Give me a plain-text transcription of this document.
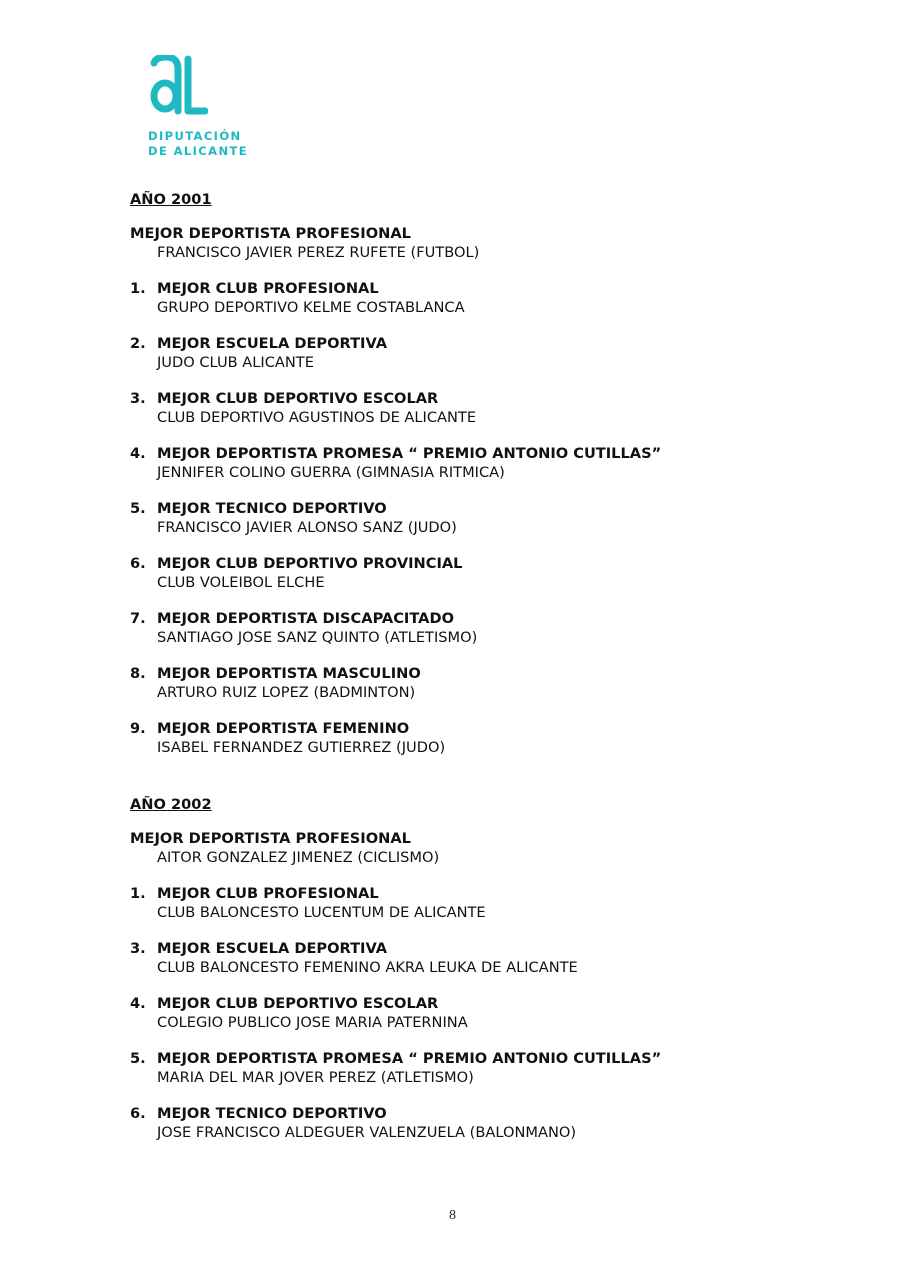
DIPUTACIÓN
DE ALICANTE
AÑO 2001
MEJOR DEPORTISTA PROFESIONAL
FRANCISCO JAVIER PEREZ RUFETE (FUTBOL)
1. MEJOR CLUB PROFESIONAL
GRUPO DEPORTIVO KELME COSTABLANCA
2. MEJOR ESCUELA DEPORTIVA
JUDO CLUB ALICANTE
3. MEJOR CLUB DEPORTIVO ESCOLAR
CLUB DEPORTIVO AGUSTINOS DE ALICANTE
4. MEJOR DEPORTISTA PROMESA “ PREMIO ANTONIO CUTILLAS”
JENNIFER COLINO GUERRA (GIMNASIA RITMICA)
5. MEJOR TECNICO DEPORTIVO
FRANCISCO JAVIER ALONSO SANZ (JUDO)
6. MEJOR CLUB DEPORTIVO PROVINCIAL
CLUB VOLEIBOL ELCHE
7. MEJOR DEPORTISTA DISCAPACITADO
SANTIAGO JOSE SANZ QUINTO (ATLETISMO)
8. MEJOR DEPORTISTA MASCULINO
ARTURO RUIZ LOPEZ (BADMINTON)
9. MEJOR DEPORTISTA FEMENINO
ISABEL FERNANDEZ GUTIERREZ (JUDO)
AÑO 2002
MEJOR DEPORTISTA PROFESIONAL
AITOR GONZALEZ JIMENEZ (CICLISMO)
1. MEJOR CLUB PROFESIONAL
CLUB BALONCESTO LUCENTUM DE ALICANTE
3. MEJOR ESCUELA DEPORTIVA
CLUB BALONCESTO FEMENINO AKRA LEUKA DE ALICANTE
4. MEJOR CLUB DEPORTIVO ESCOLAR
COLEGIO PUBLICO JOSE MARIA PATERNINA
5. MEJOR DEPORTISTA PROMESA “ PREMIO ANTONIO CUTILLAS”
MARIA DEL MAR JOVER PEREZ (ATLETISMO)
6. MEJOR TECNICO DEPORTIVO
JOSE FRANCISCO ALDEGUER VALENZUELA (BALONMANO)
8
